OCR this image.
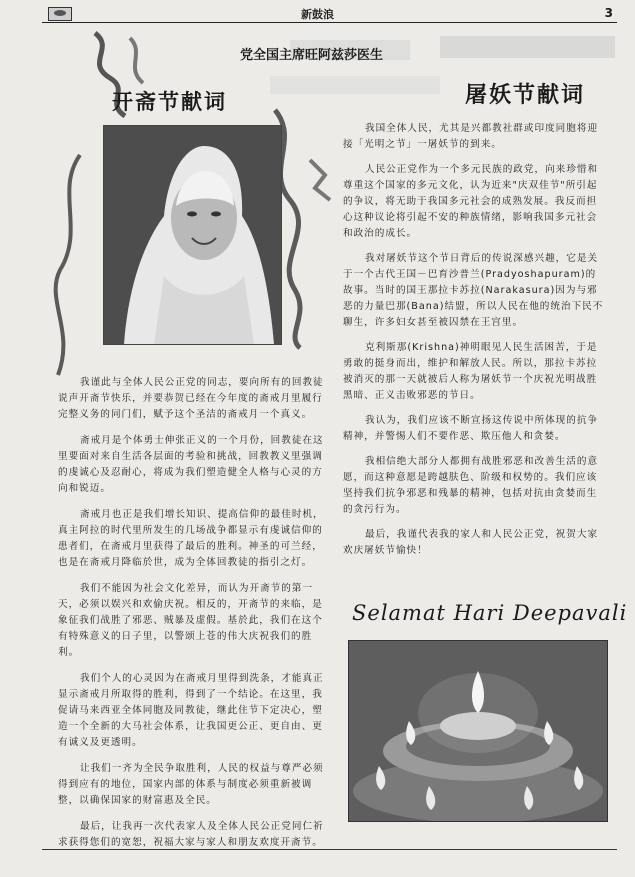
新鼓浪	3
党全国主席旺阿兹莎医生
开斋节献词	屠妖节献词

我谨此与全体人民公正党的同志，要向所有的回教徒说声开斋节快乐，并要恭贺已经在今年度的斋戒月里履行完整义务的同门们，赋予这个圣洁的斋戒月一个真义。

斋戒月是个体勇士伸张正义的一个月份，回教徒在这里要面对来自生活各层面的考验和挑战，回教教义里强调的虔诚心及忍耐心，将成为我们塑造健全人格与心灵的方向和锐迈。

斋戒月也正是我们增长知识、提高信仰的最佳时机，真主阿拉的时代里所发生的几场战争都显示有虔诚信仰的患者们，在斋戒月里获得了最后的胜利。神圣的可兰经，也是在斋戒月降临於世，成为全体回教徒的指引之灯。

我们不能因为社会文化差异，而认为开斋节的第一天，必须以娱兴和欢偷庆祝。相反的，开斋节的来临，是象征我们战胜了邪恶、贼暴及虚假。基於此，我们在这个有特殊意义的日子里，以警颂上苍的伟大庆祝我们的胜利。

我们个人的心灵因为在斋戒月里得到洗条，才能真正显示斋戒月所取得的胜利，得到了一个结论。在这里，我促请马来西亚全体同胞及同教徒，继此住节下定决心，塑造一个全新的大马社会体系，让我国更公正、更自由、更有诚义及更透明。

让我们一齐为全民争取胜利，人民的权益与尊严必须得到应有的地位，国家内部的体系与制度必须重新被调整，以确保国家的财富惠及全民。

最后，让我再一次代表家人及全体人民公正党同仁祈求获得您们的宽恕，祝福大家与家人和朋友欢度开斋节。

我国全体人民，尤其是兴都教社群或印度同胞将迎接「光明之节」一屠妖节的到来。

人民公正党作为一个多元民族的政党，向来珍惜和尊重这个国家的多元文化，认为近来"庆双佳节"所引起的争议，将无助于我国多元社会的成熟发展。我反而担心这种议论将引起不安的种族情绪，影响我国多元社会和政治的成长。

我对屠妖节这个节日背后的传说深感兴趣，它是关于一个古代王国－巴育沙普兰(Pradyoshapuram)的故事。当时的国王那拉卡苏拉(Narakasura)因为与邪恶的力量巴那(Bana)结盟，所以人民在他的统治下民不聊生，许多妇女甚至被囚禁在王宫里。

克利斯那(Krishna)神明眼见人民生活困苦，于是勇敢的挺身而出，维护和解放人民。所以，那拉卡苏拉被消灭的那一天就被后人称为屠妖节一个庆祝光明战胜黑暗、正义击败邪恶的节日。

我认为，我们应该不断宣扬这传说中所体现的抗争精神，并警惕人们不要作恶、欺压他人和贪婪。

我相信绝大部分人都拥有战胜邪恶和改善生活的意愿，而这种意愿是跨越肤色、阶级和权势的。我们应该坚持我们抗争邪恶和残暴的精神，包括对抗由贪婪而生的贪污行为。

最后，我谨代表我的家人和人民公正党，祝贺大家欢庆屠妖节愉快！

Selamat Hari Deepavali
